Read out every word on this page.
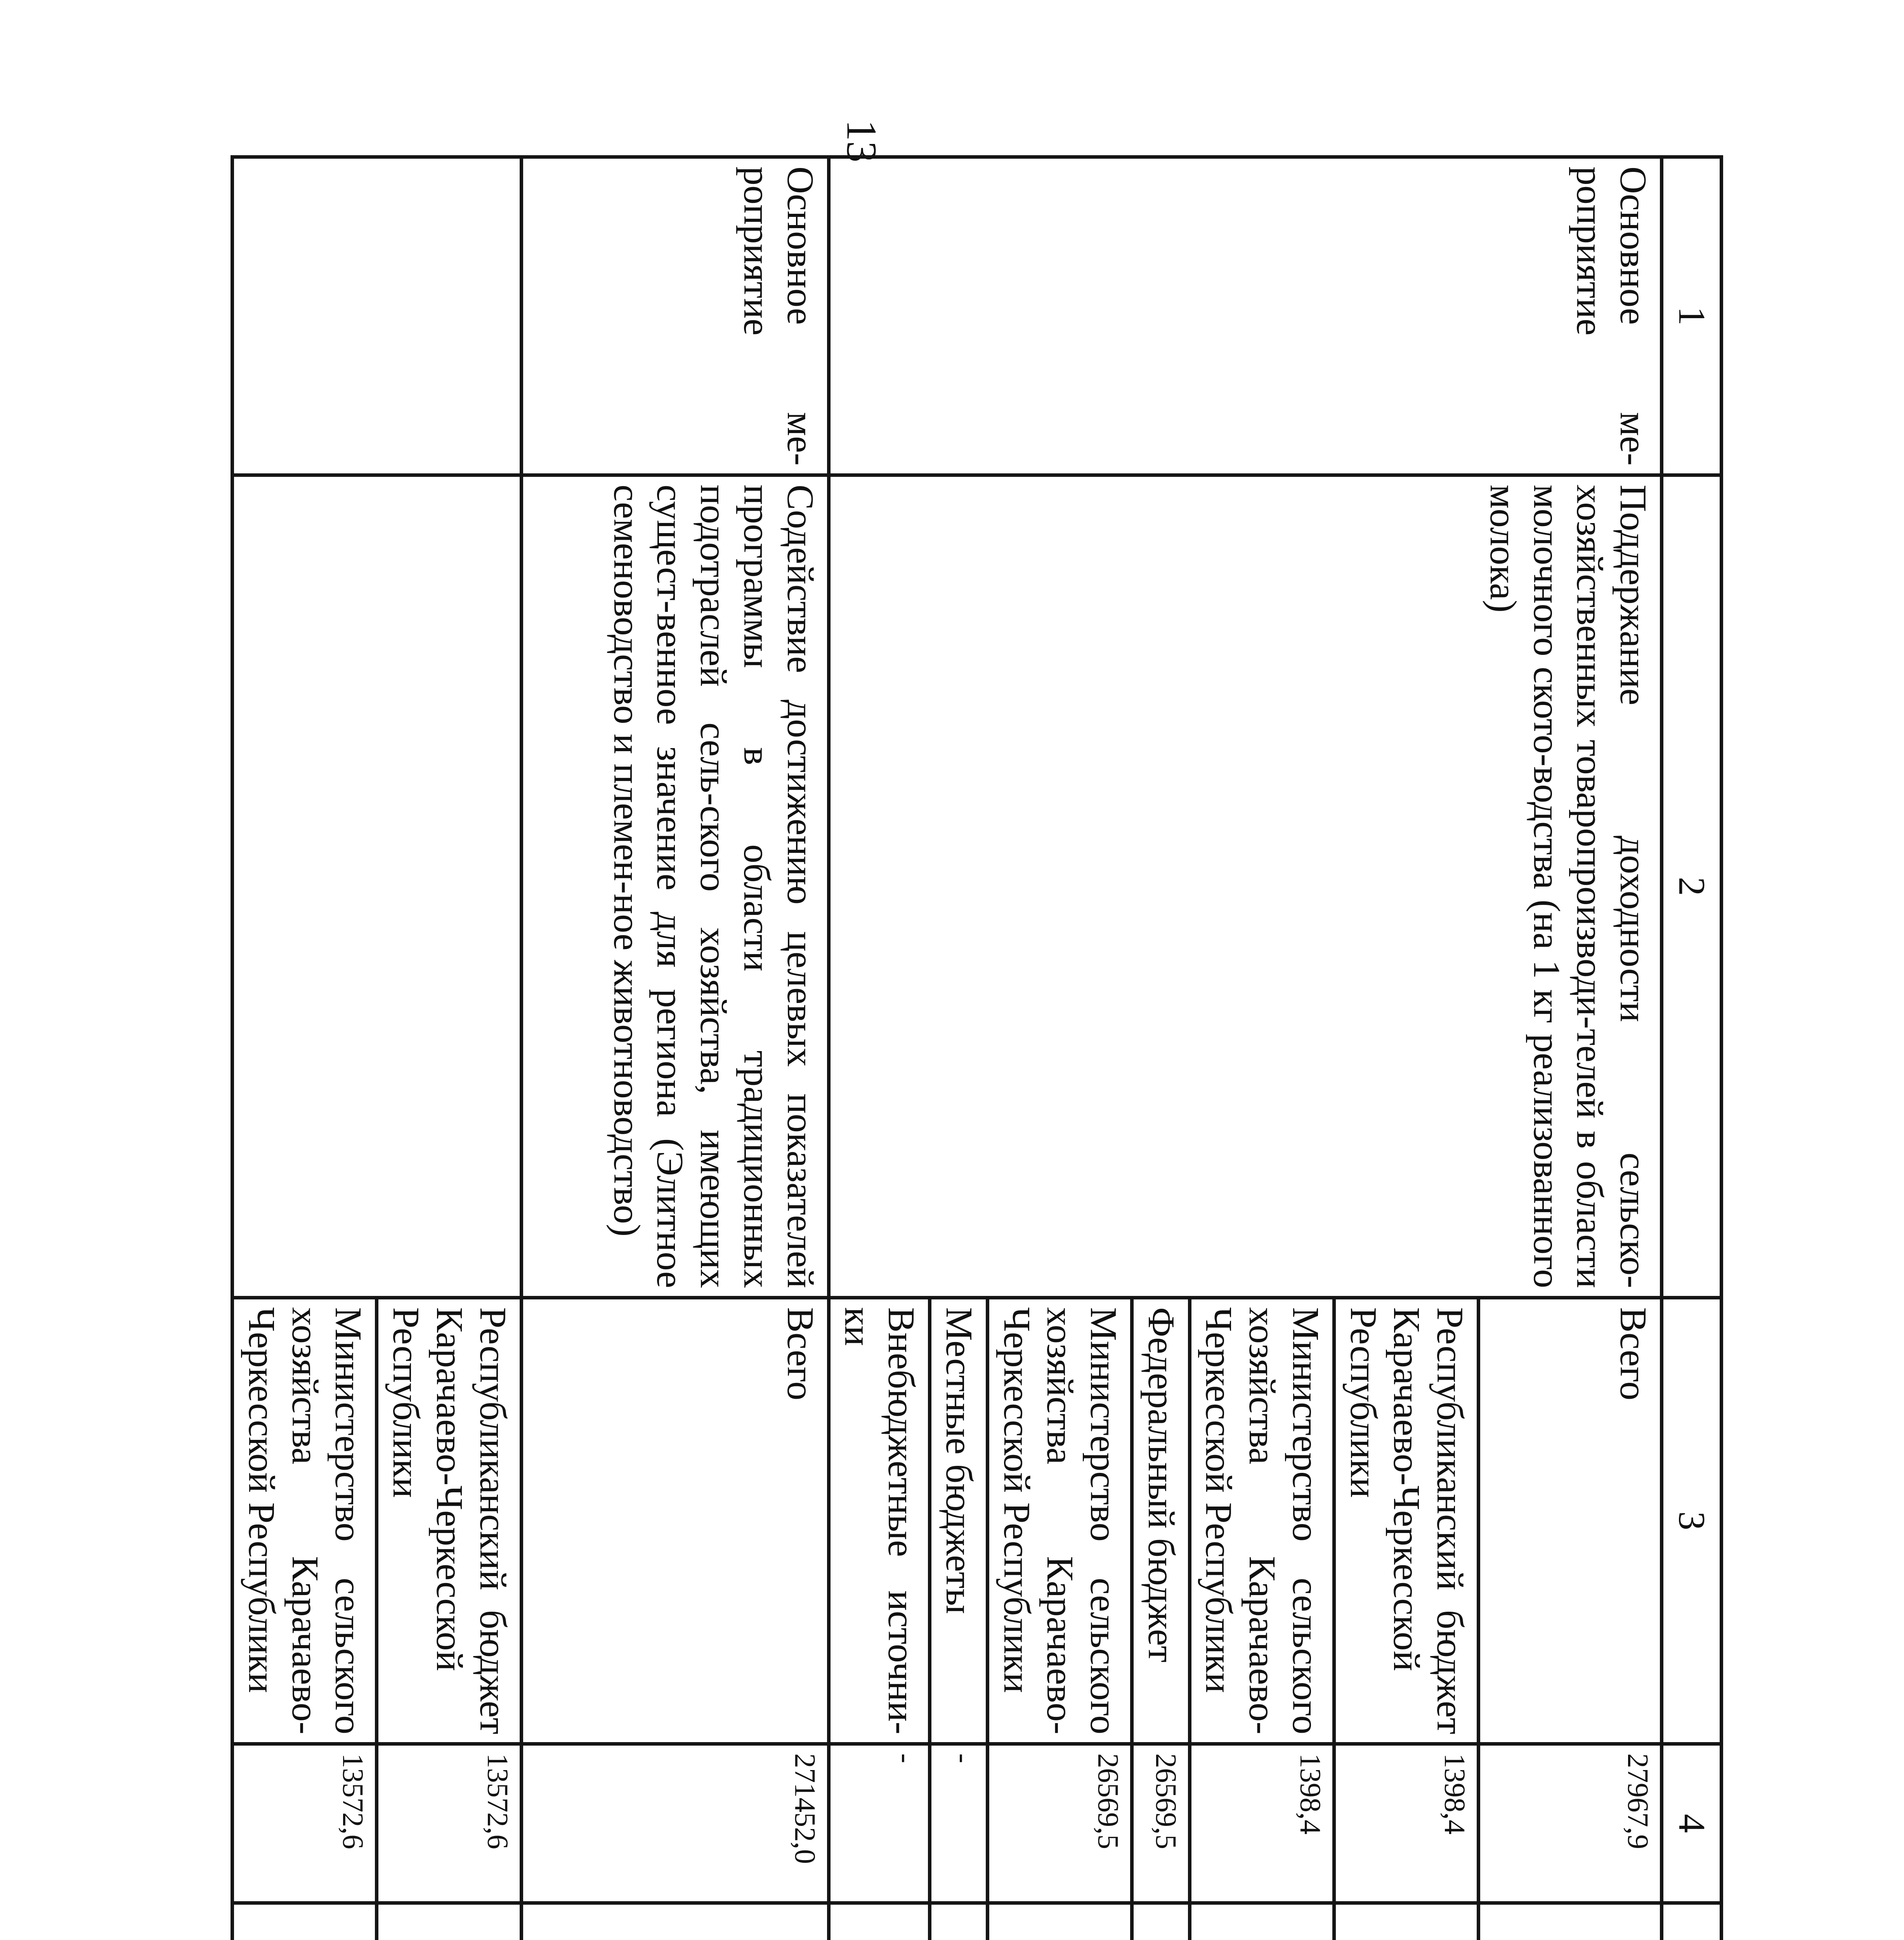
13
1	2	3	4						
Основное ме-роприятие	Поддержание доходности сельско-хозяйственных товаропроизводи-телей в области молочного ското-водства (на 1 кг реализованного молока)	Всего	27967,9						
		Республиканский бюджет Карачаево-Черкесской Республики	1398,4						
		Министерство сельского хозяйства Карачаево-Черкесской Республики	1398,4						
		Федеральный бюджет	26569,5						
		Министерство сельского хозяйства Карачаево-Черкесской Республики	26569,5						
		Местные бюджеты	-						
		Внебюджетные источни-ки	-						
Основное ме-роприятие	Содействие достижению целевых показателей программы в области традиционных подотраслей сель-ского хозяйства, имеющих сущест-венное значение для региона (Элитное семеноводство и племен-ное животноводство)	Всего	271452,0						
		Республиканский бюджет Карачаево-Черкесской Республики	13572,6						
		Министерство сельского хозяйства Карачаево-Черкесской Республики	13572,6						
